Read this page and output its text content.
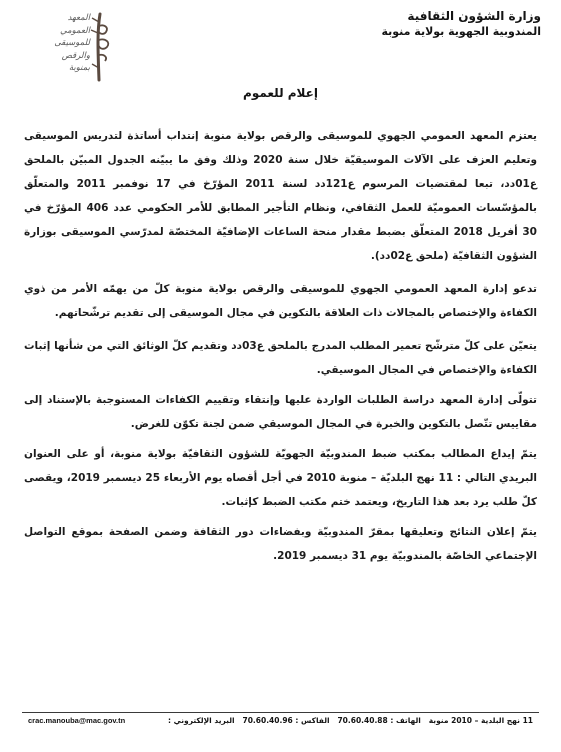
وزارة الشؤون الثقافية
المندوبية الجهوية بولاية منوبة
المعهد
العمومي
للموسيقى
والرقص
بمنوبة
إعلام للعموم

يعتزم المعهد العمومي الجهوي للموسيقى والرقص بولاية منوبة إنتداب أساتذة لتدريس الموسيقى وتعليم العزف على الآلات الموسيقيّة خلال سنة 2020 وذلك وفق ما يبيّنه الجدول المبيّن بالملحق ع01دد، تبعا لمقتضيات المرسوم ع121دد لسنة 2011 المؤرّخ في 17 نوفمبر 2011 والمتعلّق بالمؤسّسات العموميّة للعمل الثقافي، ونظام التأجير المطابق للأمر الحكومي عدد 406 المؤرّخ في 30 أفريل 2018 المتعلّق بضبط مقدار منحة الساعات الإضافيّة المختصّة لمدرّسي الموسيقى بوزارة الشؤون الثقافيّة (ملحق ع02دد).

تدعو إدارة المعهد العمومي الجهوي للموسيقى والرقص بولاية منوبة كلّ من يهمّه الأمر من ذوي الكفاءة والإختصاص بالمجالات ذات العلاقة بالتكوين في مجال الموسيقى إلى تقديم ترشّحاتهم.

يتعيّن على كلّ مترشّح تعمير المطلب المدرج بالملحق ع03دد وتقديم كلّ الوثائق التي من شأنها إثبات الكفاءة والإختصاص في المجال الموسيقي.

تتولّى إدارة المعهد دراسة الطلبات الواردة عليها وإنتقاء وتقييم الكفاءات المستوجبة بالإستناد إلى مقاييس تتّصل بالتكوين والخبرة في المجال الموسيقي ضمن لجنة تكوّن للغرض.

يتمّ إيداع المطالب بمكتب ضبط المندوبيّة الجهويّة للشؤون الثقافيّة بولاية منوبة، أو على العنوان البريدي التالي : 11 نهج البلديّة – منوبة 2010 في أجل أقصاه يوم الأربعاء 25 ديسمبر 2019، ويقصى كلّ طلب يرد بعد هذا التاريخ، ويعتمد ختم مكتب الضبط كإثبات.

يتمّ إعلان النتائج وتعليقها بمقرّ المندوبيّة وبفضاءات دور الثقافة وضمن الصفحة بموقع التواصل الإجتماعي الخاصّة بالمندوبيّة يوم 31 ديسمبر 2019.

11 نهج البلدية – 2010 منوبة   الهاتف : 70.60.40.88   الفاكس : 70.60.40.96   البريد الإلكتروني :
crac.manouba@mac.gov.tn
